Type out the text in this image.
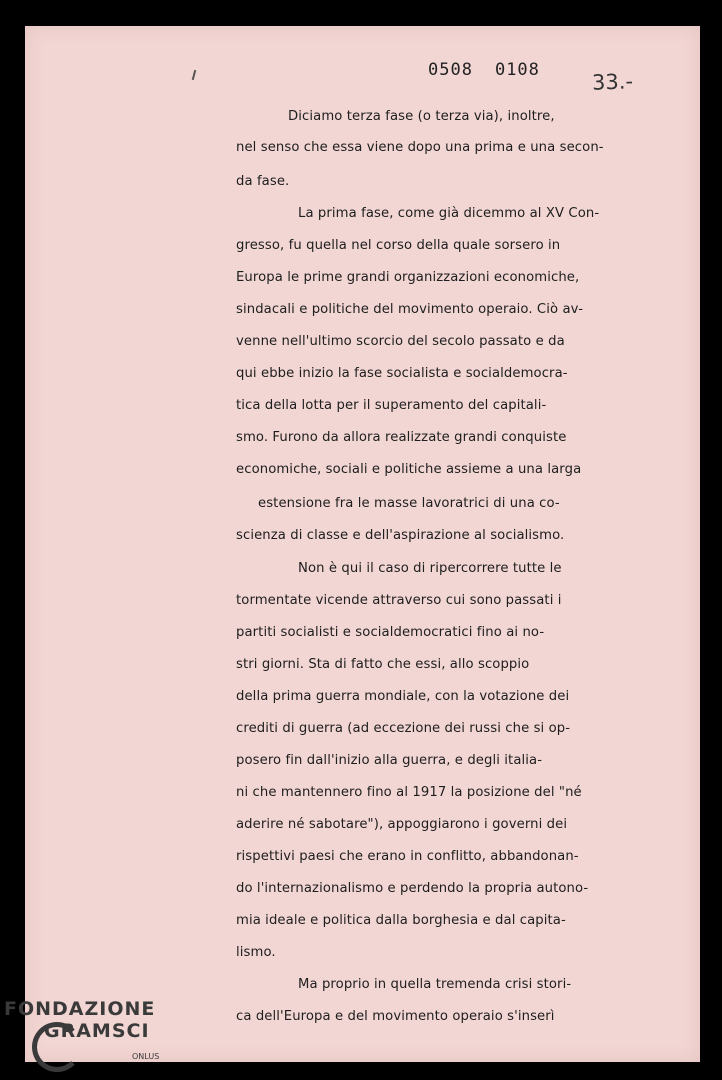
0508 0108 33.-
Diciamo terza fase (o terza via), inoltre,
nel senso che essa viene dopo una prima e una secon-
da fase.
La prima fase, come già dicemmo al XV Con-
gresso, fu quella nel corso della quale sorsero in
Europa le prime grandi organizzazioni economiche,
sindacali e politiche del movimento operaio. Ciò av-
venne nell'ultimo scorcio del secolo passato e da
qui ebbe inizio la fase socialista e socialdemocra-
tica della lotta per il superamento del capitali-
smo. Furono da allora realizzate grandi conquiste
economiche, sociali e politiche assieme a una larga
estensione fra le masse lavoratrici di una co-
scienza di classe e dell'aspirazione al socialismo.
Non è qui il caso di ripercorrere tutte le
tormentate vicende attraverso cui sono passati i
partiti socialisti e socialdemocratici fino ai no-
stri giorni. Sta di fatto che essi, allo scoppio
della prima guerra mondiale, con la votazione dei
crediti di guerra (ad eccezione dei russi che si op-
posero fin dall'inizio alla guerra, e degli italia-
ni che mantennero fino al 1917 la posizione del "né
aderire né sabotare"), appoggiarono i governi dei
rispettivi paesi che erano in conflitto, abbandonan-
do l'internazionalismo e perdendo la propria autono-
mia ideale e politica dalla borghesia e dal capita-
lismo.
Ma proprio in quella tremenda crisi stori-
ca dell'Europa e del movimento operaio s'inserì
FONDAZIONE
GRAMSCI
ONLUS
